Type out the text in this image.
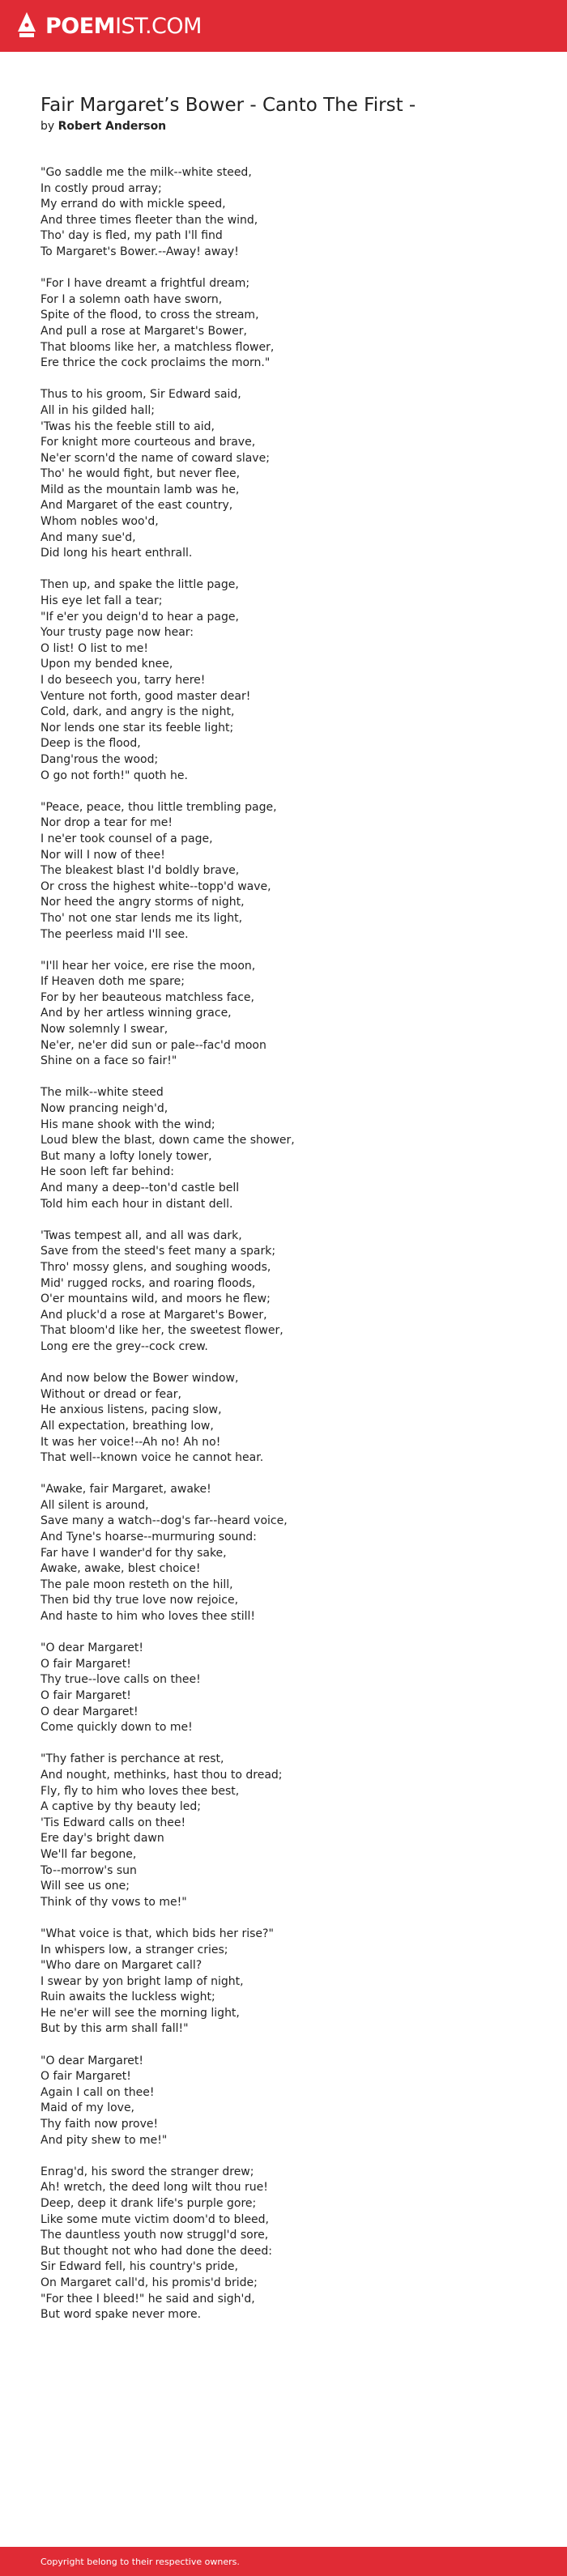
POEMIST.COM
Fair Margaret’s Bower - Canto The First -
by Robert Anderson
"Go saddle me the milk--white steed,
In costly proud array;
My errand do with mickle speed,
And three times fleeter than the wind,
Tho' day is fled, my path I'll find
To Margaret's Bower.--Away! away!
"For I have dreamt a frightful dream;
For I a solemn oath have sworn,
Spite of the flood, to cross the stream,
And pull a rose at Margaret's Bower,
That blooms like her, a matchless flower,
Ere thrice the cock proclaims the morn."
Thus to his groom, Sir Edward said,
All in his gilded hall;
'Twas his the feeble still to aid,
For knight more courteous and brave,
Ne'er scorn'd the name of coward slave;
Tho' he would fight, but never flee,
Mild as the mountain lamb was he,
And Margaret of the east country,
Whom nobles woo'd,
And many sue'd,
Did long his heart enthrall.
Then up, and spake the little page,
His eye let fall a tear;
"If e'er you deign'd to hear a page,
Your trusty page now hear:
O list! O list to me!
Upon my bended knee,
I do beseech you, tarry here!
Venture not forth, good master dear!
Cold, dark, and angry is the night,
Nor lends one star its feeble light;
Deep is the flood,
Dang'rous the wood;
O go not forth!" quoth he.
"Peace, peace, thou little trembling page,
Nor drop a tear for me!
I ne'er took counsel of a page,
Nor will I now of thee!
The bleakest blast I'd boldly brave,
Or cross the highest white--topp'd wave,
Nor heed the angry storms of night,
Tho' not one star lends me its light,
The peerless maid I'll see.
"I'll hear her voice, ere rise the moon,
If Heaven doth me spare;
For by her beauteous matchless face,
And by her artless winning grace,
Now solemnly I swear,
Ne'er, ne'er did sun or pale--fac'd moon
Shine on a face so fair!"
The milk--white steed
Now prancing neigh'd,
His mane shook with the wind;
Loud blew the blast, down came the shower,
But many a lofty lonely tower,
He soon left far behind:
And many a deep--ton'd castle bell
Told him each hour in distant dell.
'Twas tempest all, and all was dark,
Save from the steed's feet many a spark;
Thro' mossy glens, and soughing woods,
Mid' rugged rocks, and roaring floods,
O'er mountains wild, and moors he flew;
And pluck'd a rose at Margaret's Bower,
That bloom'd like her, the sweetest flower,
Long ere the grey--cock crew.
And now below the Bower window,
Without or dread or fear,
He anxious listens, pacing slow,
All expectation, breathing low,
It was her voice!--Ah no! Ah no!
That well--known voice he cannot hear.
"Awake, fair Margaret, awake!
All silent is around,
Save many a watch--dog's far--heard voice,
And Tyne's hoarse--murmuring sound:
Far have I wander'd for thy sake,
Awake, awake, blest choice!
The pale moon resteth on the hill,
Then bid thy true love now rejoice,
And haste to him who loves thee still!
"O dear Margaret!
O fair Margaret!
Thy true--love calls on thee!
O fair Margaret!
O dear Margaret!
Come quickly down to me!
"Thy father is perchance at rest,
And nought, methinks, hast thou to dread;
Fly, fly to him who loves thee best,
A captive by thy beauty led;
'Tis Edward calls on thee!
Ere day's bright dawn
We'll far begone,
To--morrow's sun
Will see us one;
Think of thy vows to me!"
"What voice is that, which bids her rise?"
In whispers low, a stranger cries;
"Who dare on Margaret call?
I swear by yon bright lamp of night,
Ruin awaits the luckless wight;
He ne'er will see the morning light,
But by this arm shall fall!"
"O dear Margaret!
O fair Margaret!
Again I call on thee!
Maid of my love,
Thy faith now prove!
And pity shew to me!"
Enrag'd, his sword the stranger drew;
Ah! wretch, the deed long wilt thou rue!
Deep, deep it drank life's purple gore;
Like some mute victim doom'd to bleed,
The dauntless youth now struggl'd sore,
But thought not who had done the deed:
Sir Edward fell, his country's pride,
On Margaret call'd, his promis'd bride;
"For thee I bleed!" he said and sigh'd,
But word spake never more.
Copyright belong to their respective owners.
